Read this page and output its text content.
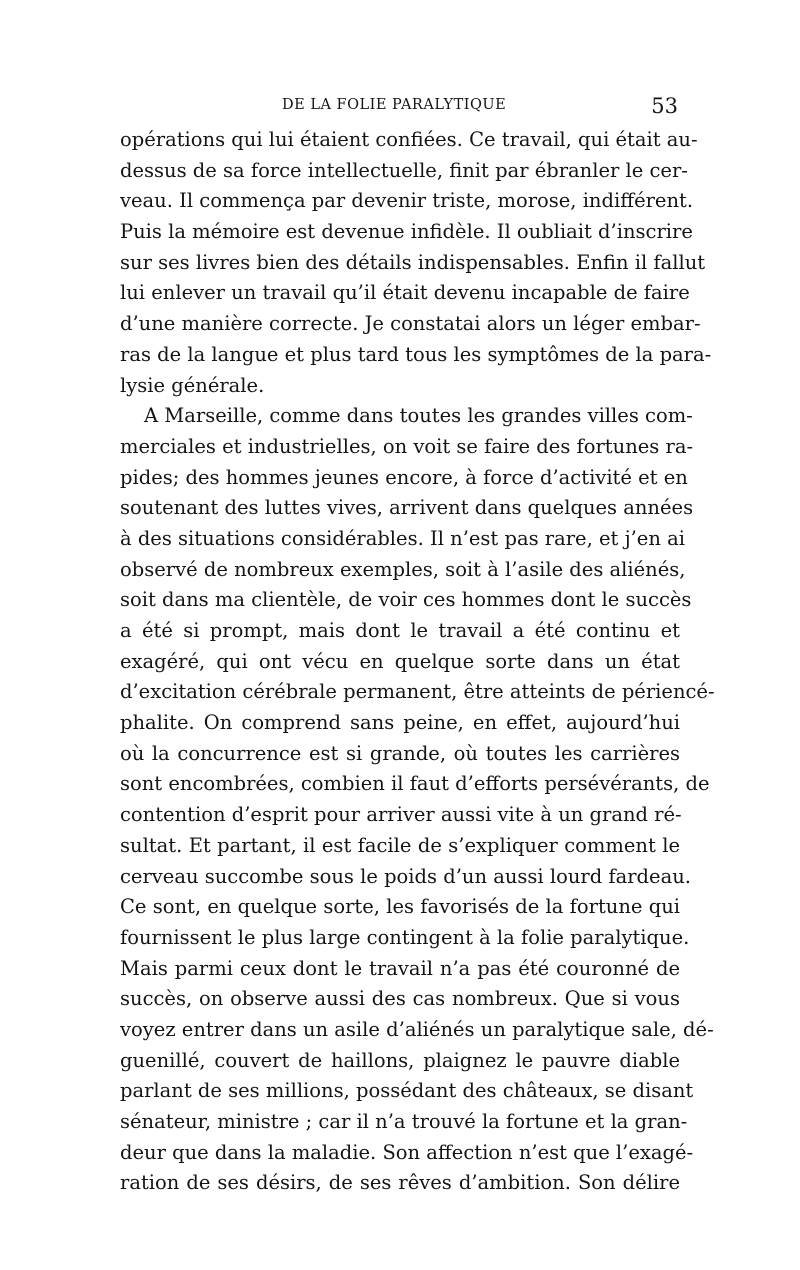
DE LA FOLIE PARALYTIQUE	53
opérations qui lui étaient confiées. Ce travail, qui était au-
dessus de sa force intellectuelle, finit par ébranler le cer-
veau. Il commença par devenir triste, morose, indifférent.
Puis la mémoire est devenue infidèle. Il oubliait d’inscrire
sur ses livres bien des détails indispensables. Enfin il fallut
lui enlever un travail qu’il était devenu incapable de faire
d’une manière correcte. Je constatai alors un léger embar-
ras de la langue et plus tard tous les symptômes de la para-
lysie générale.
A Marseille, comme dans toutes les grandes villes com-
merciales et industrielles, on voit se faire des fortunes ra-
pides; des hommes jeunes encore, à force d’activité et en
soutenant des luttes vives, arrivent dans quelques années
à des situations considérables. Il n’est pas rare, et j’en ai
observé de nombreux exemples, soit à l’asile des aliénés,
soit dans ma clientèle, de voir ces hommes dont le succès
a été si prompt, mais dont le travail a été continu et
exagéré, qui ont vécu en quelque sorte dans un état
d’excitation cérébrale permanent, être atteints de périencé-
phalite. On comprend sans peine, en effet, aujourd’hui
où la concurrence est si grande, où toutes les carrières
sont encombrées, combien il faut d’efforts persévérants, de
contention d’esprit pour arriver aussi vite à un grand ré-
sultat. Et partant, il est facile de s’expliquer comment le
cerveau succombe sous le poids d’un aussi lourd fardeau.
Ce sont, en quelque sorte, les favorisés de la fortune qui
fournissent le plus large contingent à la folie paralytique.
Mais parmi ceux dont le travail n’a pas été couronné de
succès, on observe aussi des cas nombreux. Que si vous
voyez entrer dans un asile d’aliénés un paralytique sale, dé-
guenillé, couvert de haillons, plaignez le pauvre diable
parlant de ses millions, possédant des châteaux, se disant
sénateur, ministre ; car il n’a trouvé la fortune et la gran-
deur que dans la maladie. Son affection n’est que l’exagé-
ration de ses désirs, de ses rêves d’ambition. Son délire
